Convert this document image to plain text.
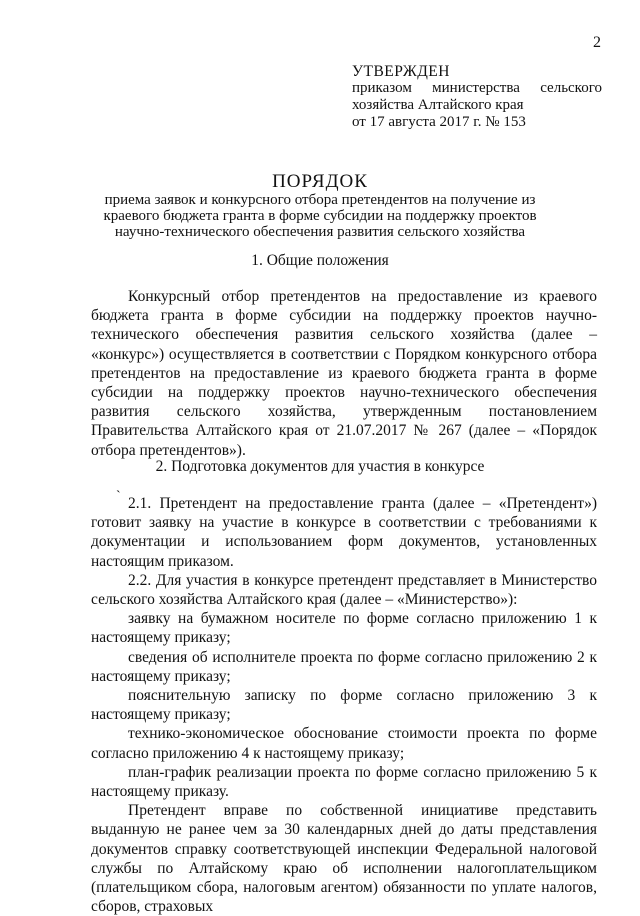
2
УТВЕРЖДЕН
приказом министерства сельского
хозяйства Алтайского края
от 17 августа 2017 г. № 153
ПОРЯДОК
приема заявок и конкурсного отбора претендентов на получение из краевого бюджета гранта в форме субсидии на поддержку проектов научно-технического обеспечения развития сельского хозяйства
1. Общие положения

Конкурсный отбор претендентов на предоставление из краевого бюджета гранта в форме субсидии на поддержку проектов научно-технического обеспечения развития сельского хозяйства (далее – «конкурс») осуществляется в соответствии с Порядком конкурсного отбора претендентов на предоставление из краевого бюджета гранта в форме субсидии на поддержку проектов научно-технического обеспечения развития сельского хозяйства, утвержденным постановлением Правительства Алтайского края от 21.07.2017 № 267 (далее – «Порядок отбора претендентов»).

2. Подготовка документов для участия в конкурсе
ˋ 2.1. Претендент на предоставление гранта (далее – «Претендент») готовит заявку на участие в конкурсе в соответствии с требованиями к документации и использованием форм документов, установленных настоящим приказом.

2.2. Для участия в конкурсе претендент представляет в Министерство сельского хозяйства Алтайского края (далее – «Министерство»):

заявку на бумажном носителе по форме согласно приложению 1 к настоящему приказу;

сведения об исполнителе проекта по форме согласно приложению 2 к настоящему приказу;

пояснительную записку по форме согласно приложению 3 к настоящему приказу;

технико-экономическое обоснование стоимости проекта по форме согласно приложению 4 к настоящему приказу;

план-график реализации проекта по форме согласно приложению 5 к настоящему приказу.

Претендент вправе по собственной инициативе представить выданную не ранее чем за 30 календарных дней до даты представления документов справку соответствующей инспекции Федеральной налоговой службы по Алтайскому краю об исполнении налогоплательщиком (плательщиком сбора, налоговым агентом) обязанности по уплате налогов, сборов, страховых
